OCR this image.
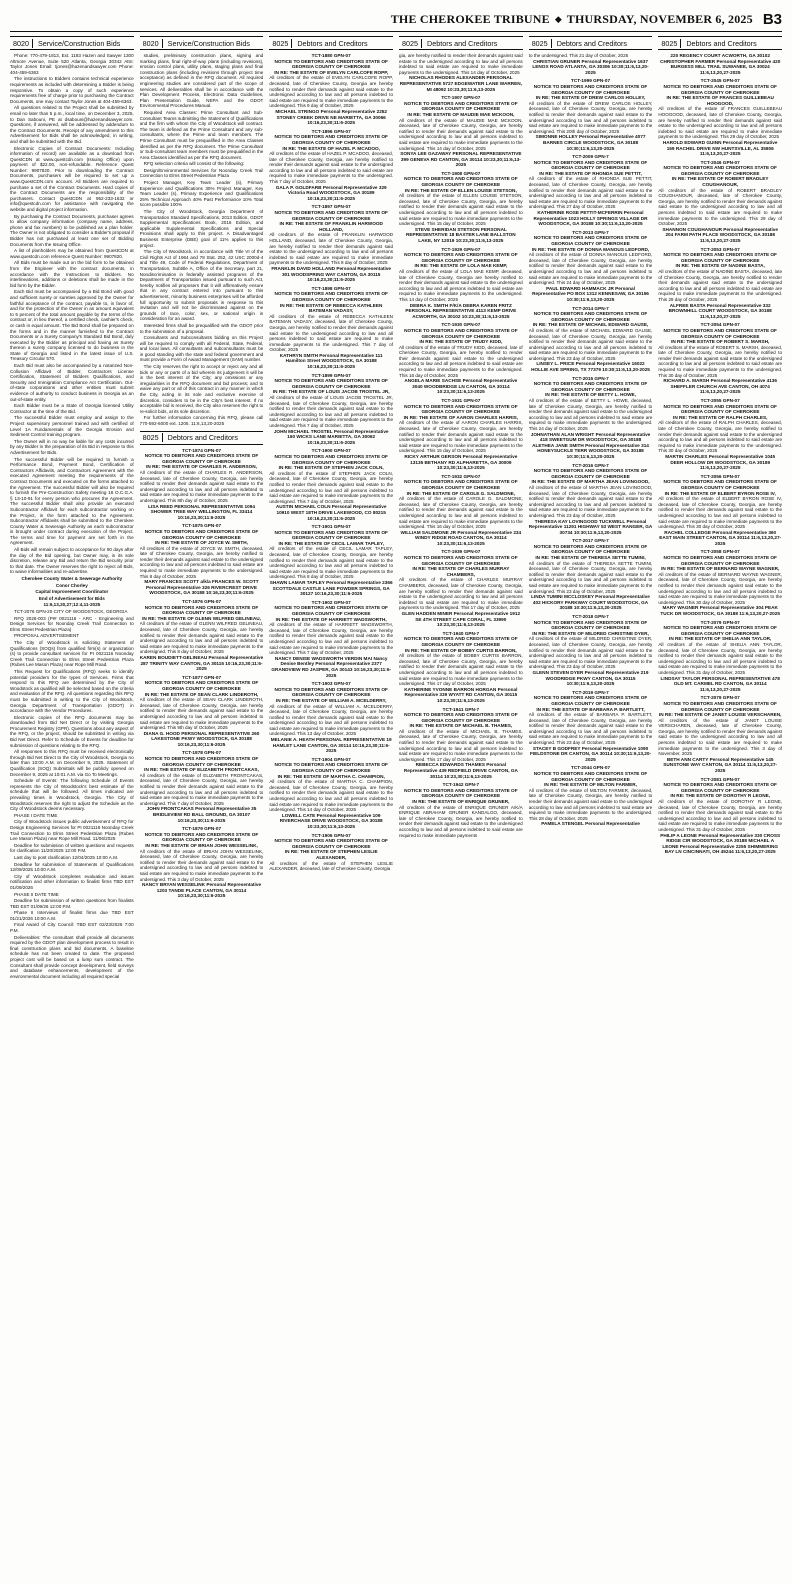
THE CHEROKEE TRIBUNE ◆ THURSDAY, NOVEMBER 6, 2025 B3
8020	Service/Construction Bids

Phone: 770-479-1813, Ext. 1183 Hazen and Sawyer 1300 Altmore Avenue, Suite 520 Atlanta, Georgia 30342 Attn: Taylor Jones Email: tjones@hazenandsawyer.com Phone: 404-459-6363

The instructions to Bidders contains technical experience requirements as included with determining a Bidder is being responsive. To obtain a copy of such experience requirements free of charge prior to purchasing the Contract Documents, one may contact Taylor Jones at 404-459-6363.

All questions related to the Project shall be submitted by email no later than 5 p.m., local time, on December 3, 2025, to Dan Sabouni, PE at dsabouni@hazenandsawyer.com. Questions, if answered, will be addressed by addendum to the Contract Documents. Receipt of any amendment to this Advertisement for Bids shall be acknowledged, in writing, and shall be submitted with the Bid.

Electronic Copies of Contract Documents: Including information of record) are available as a download from QuestCDN at www.questcdn.com (Issuing Office) upon payment of $22.00, non-refundable. Reference Quest Number: 9907820. Prior to downloading the Contract Documents, purchasers will be required to set up a www.QuestCDN.com account. All Bidders are required to purchase a set of the Contract Documents. Hard copies of the Contract Documents are the responsibility of the purchasers. Contact QuestCDN at 952-233-1632 or info@questcdn.com for assistance with navigating the website and digital project information.

By purchasing the Contract Documents, purchaser agrees to allow company information (company name, address, phone and fax numbers) to be published as a plan holder. The Owner is not obligated to consider a Bidder's proposal if Bidder has not purchased at least one set of Bidding Documents from the Issuing Office.

A list of planholders may be obtained from QuestCDN at www.questcdn.com reference Quest Number: 9907820.

All Bids must be made out on the bid form to be obtained from the Engineer with the contract documents, in accordance with the Instructions to Bidders. No interlineations, additions or deletions shall be made in the bid form by the Bidder.

Each Bid must be accompanied by a Bid Bond with good and sufficient surety or sureties approved by the Owner for faithful acceptance of the contract, payable to, in favor of, and for the protection of the Owner in an amount equivalent to 5 percent of the total amount payable by the terms of the contract or, in lieu thereof, a certified check, cashier's check, or cash in equal amount. The Bid Bond shall be prepared on the forms and in the manner furnished to the Contract Documents or a Surety Company's Standard Bid Bond, duly executed by the Bidder as principal and having as Surety thereon a surety company licensed to do business in the State of Georgia and listed in the latest issue of U.S. Treasury Circular 570.

Each Bid must also be accompanied by a notarized Non-Collusion Affidavit of Bidder, Contractors License Certification, Statement of Bidders Qualifications, and Security and Immigration Compliance Act Certification. Out-of-state corporations and other entities must submit evidence of authority to conduct business in Georgia as an out-of-state entity.

Each Bidder must be a State of Georgia licensed Utility Contractor at the time of the Bid.

The successful Bidder must employ and assign to the Project supervisory personnel trained and with certified of Level 1A Fundamentals of the Georgia Erosion and Sediment Control training program.

The Owner will in no way be liable for any costs incurred by any Bidder in the preparation of its Bid in response to this Advertisement for Bids.

The successful Bidder will be required to furnish a Performance Bond, Payment Bond, Certification of Contractors Affidavits, and Contractors Agreement with the executed Agreement meeting the requirements of the Contract Documents and executed on the forms attached to the Agreement. The successful Bidder will also be required to furnish the Pre-Construction Safety meeting 16 O.C.G.A. § 13-10-91 for every person who procures the Agreement. The successful Bidder shall also provide an executed Subcontractor Affidavit for each subcontractor working on the Project, in the form attached to the Agreement. Subcontractor Affidavits shall be submitted to the Cherokee County Water & Sewerage Authority as each subcontractor is brought under contract during execution of the Project. The terms and time for payment are set forth in the Agreement.

All Bids will remain subject to acceptance for 90 days after the day of the Bid opening, but Owner may, in its sole discretion, release any Bid and return the Bid security prior to that date. The Owner reserves the right to reject all Bids, to waive informalities and re-advertise.

Cherokee County Water & Sewerage Authority

Conor Chorley

Capital Improvement Coordinator

End of Advertisement for Bids

11:6,13,20,27;12:4,11-2025

TCT-2076 GPN-20 CITY OF WOODSTOCK, GEORGIA

RFQ 2026-003 (PI# 0021116 - ARC - Engineering and Design Services for Noonday Creek Trail Connection to Elms Street Pedestrian Plaza)

PROPOSAL ADVERTISEMENT

The City of Woodstock is soliciting Statement of Qualifications (SOQs) from qualified firm(s) or organization (s) to provide consultant services for PI 0021116 Noonday Creek Trail Connection to Elms Street Pedestrian Plaza (Rubes Lee Mason Plaza) near Rope Mill Road.

This Request for Qualifications (RFQ) seeks to identify potential providers for the types of Services. Firms that respond to this RFQ are determined by the City of Woodstock as qualified will be selected based on the criteria and evaluation of the RFQ. All questions regarding this RFQ must be submitted in writing to the City of Woodstock, Georgia Department of Transportation (GDOT) in accordance with the Vendor Procedures.

Electronic copies of the RFQ documents may be downloaded from Bid Net Direct or by visiting Georgia Procurement Registry (GPR). Questions about any aspect of the RFQ, or the project, should be submitted in writing via Bid Net Direct. Refer to Schedule of Events for deadline for submission of questions relating to the RFQ.

All responses to this RFQ must be received electronically through Bid Net Direct to the City of Woodstock, Georgia no later than 10:00 A.M. on December 9, 2025. Statement of Qualification (SOQ) Submittals will be publicly opened on December 9, 2025 at 10:01 A.M. via Go To Meetings.

Schedule of Events: The following Schedule of Events represents the City of Woodstock's best estimate of the schedule that will be followed. All times indicated are prevailing times in Woodstock, Georgia. The City of Woodstock reserves the right to adjust the Schedule as the City of Woodstock deems necessary.

PHASE I DATE TIME

City of Woodstock issues public advertisement of RFQ for Design Engineering Services for PI 0021116 Noonday Creek Trail Connection to Elms Street Pedestrian Plaza (Rubes Lee Mason Plaza) near Rope Mill Road. 11/06/2025

Deadline for submission of written questions and requests for clarification 11/20/2025 12:00 P.M.

Last day to post clarification 12/04/2025 10:00 A.M.

Deadline for submission of Statements of Qualifications 12/09/2025 10:00 A.M.

City of Woodstock completes evaluation and issues notification and other information to finalist firms TBD EST 01/09/2026

PHASE II DATE TIME

Deadline for submission of written questions from finalists TBD EST 01/09/26 12:00 P.M.

Phase II Interviews of finalist firms due TBD EST 01/21/2026 10:00 A.M.

Final Award of City Council: TBD EST 02/23/2026 7:00 P.M.

Deliverables: The consultant shall provide all documents required by the GDOT plan development process to result in final construction plans and bid documents. A baseline schedule has not been created to date. The proposed project cost will be based on a lump sum contract. The Consultant shall provide concept development, field surveys and database enhancements, development of the environmental document including all required special

8020	Service/Construction Bids

studies, preliminary construction plans, signing and marking plans, final right-of-way plans (including revisions), erosion control plans, utility plans, staging plans and final construction plans (including revisions through project time acceptance) as defined in the RFQ document. All required engineering studies are considered part of the scope of services. All deliverables shall be in accordance with the Plan Development Process, Electronic Data Guidelines, Plan Presentation Guide, NEPA and the GDOT Environmental Procedures Manual.

Required Area Classes: Prime Consultant and Sub-Consultant Teams submitting the Statement of Qualifications and the firm with whom the City of Woodstock will contract. The team is defined as the Prime Consultant and any sub-consultants, where the Prime and team members. The Prime Consultant must be prequalified in the Area Classes identified as per the RFQ document. The Prime Consultant or Sub-consultant team members must be prequalified in the Area Classes identified as per the RFQ document.

RFQ selection criteria will consist of the following:

Design/Environmental Services for Noonday Creek Trail Connection to Elms Street Pedestrian Plaza

Project Manager, Key Team Leader (s), Primary Experience and Qualifications 30% Project Manager, Key Team Leader (s), Primary Experience and Qualifications 25% Technical Approach 40% Past Performance 10% Total score possible 100%

The City of Woodstock, Georgia Department of Transportation Standard Specifications, 2013 Edition, GDOT Supplemental Specifications Book, 2016 Edition, and applicable Supplemental Specifications and Special Provisions shall apply to this project. A Disadvantaged Business Enterprise (DBE) goal of 11% applies to this project.

The City of Woodstock, in accordance with Title VI of the Civil Rights Act of 1964 and 78 Stat. 252, 42 USC 2000d-4 and Title 49, Code of Federal Regulations, Department of Transportation, Subtitle A, Office of the Secretary, part 21, Nondiscrimination in federally assisted programs of the Department of Transportation issued pursuant to such Act, hereby notifies all proposers that it will affirmatively ensure that in any contract entered into pursuant to this advertisement, minority business enterprises will be afforded full opportunity to submit proposals in response to this invitation and will not be discriminated against on the grounds of race, color, sex, or national origin in consideration for an award.

Interested firms shall be prequalified with the GDOT prior to the submission of a proposal.

Consultants and Subconsultants bidding on this Project will be required to comply with all Federal, State, Federal, and local laws. All consultants and subconsultants must be in good standing with the state and federal government and must provide a Form of Award Management (SAM) number.

The City reserves the right to accept or reject any and all bids or any or parts of a bid wherein its judgement it will be in the best interest of the City; any omissions or any irregularities in the RFQ document and bid process; and to waive any part or all of this contract in any manner in which the City, acting in its sole and exclusive exercise of discretion, considers to be in the City's best interest. If no acceptable bid is received, the City also reserves the right to re-solicit bids, at its sole discretion.

For further information concerning this RFQ, please call 770-592-6000 ext. 1205. 11:6,13,20-2025

8025	Debtors and Creditors
TCT-1874 GPN-07
NOTICE TO DEBTORS AND CREDITORS STATE OF GEORGIA COUNTY OF CHEROKEE
IN RE: THE ESTATE OF CHARLES R. ANDERSON,
All creditors of the estate of CHARLES R. ANDERSON, deceased, late of Cherokee County, Georgia, are hereby notified to render their demands against said estate to the undersigned according to law and all persons indebted to said estate are required to make immediate payments to the undersigned. This 8th day of October, 2025
LISA REED PERSONAL REPRESENTATIVE 1094 SHOWER TREE WAY WELLINGTON, FL 33414 10:16,23,30;11:6-2025
TCT-1875 GPN-07
NOTICE TO DEBTORS AND CREDITORS STATE OF GEORGIA COUNTY OF CHEROKEE
IN RE: THE ESTATE OF JOYCE W. SMITH,
All creditors of the estate of JOYCE W. SMITH, deceased, late of Cherokee County, Georgia, are hereby notified to render their demands against said estate to the undersigned according to law and all persons indebted to said estate are required to make immediate payments to the undersigned. This 8 day of October, 2025
MARY FRANCES SCOTT a/k/a FRANCES W. SCOTT Personal Representative 326 RIVERCREST DRIVE WOODSTOCK, GA 30188 10:16,23,30;11:6-2025
TCT-1876 GPN-07
NOTICE TO DEBTORS AND CREDITORS STATE OF GEORGIA COUNTY OF CHEROKEE
IN RE: THE ESTATE OF GLENN WILFRED GELINEAU,
All creditors of the estate of GLENN WILFRED GELINEAU, deceased, late of Cherokee County, Georgia, are hereby notified to render their demands against said estate to the undersigned according to law and all persons indebted to said estate are required to make immediate payments to the undersigned. This 8 day of October, 2025
KAREN BOUDIETT-GELINEAU Personal Representative 287 TRINITY WAY CANTON, GA 30115 10:16,23,30;11:6-2025
TCT-1877 GPN-07
NOTICE TO DEBTORS AND CREDITORS STATE OF GEORGIA COUNTY OF CHEROKEE
IN RE: THE ESTATE OF SEAN CLARK LINDEROTH,
All creditors of the estate of SEAN CLARK LINDEROTH, deceased, late of Cherokee County, Georgia, are hereby notified to render their demands against said estate to the undersigned according to law and all persons indebted to said estate are required to make immediate payments to the undersigned. This 9th day of October, 2025
DIANA G. HOOD PERSONAL REPRESENTATIVE 260 LAKESTONE PKWY WOODSTOCK, GA 30188 10:16,23,30;11:6-2025
TCT-1878 GPN-07
NOTICE TO DEBTORS AND CREDITORS STATE OF GEORGIA COUNTY OF CHEROKEE
IN RE: THE ESTATE OF ELIZABETH FRONTCAKAS,
All creditors of the estate of ELIZABETH FRONTCAKAS, deceased, late of Cherokee County, Georgia, are hereby notified to render their demands against said estate to the undersigned according to law and all persons indebted to said estate are required to make immediate payments to the undersigned. This 7 day of October, 2025
JOHN FRONTCAKAS Personal Representative 35 BRIDLEVIEW RD BALL GROUND, GA 30107 10:16,23,30;11:6-2025
TCT-1879 GPN-07
NOTICE TO DEBTORS AND CREDITORS STATE OF GEORGIA COUNTY OF CHEROKEE
IN RE: THE ESTATE OF BRIAN JOHN WESSELINK,
All creditors of the estate of BRIAN JOHN WESSELINK, deceased, late of Cherokee County, Georgia, are hereby notified to render their demands against said estate to the undersigned according to law and all persons indebted to said estate are required to make immediate payments to the undersigned. This 3 day of October, 2025
NANCY BRYAN WESSELINK Personal Representative 1203 TANDE PLACE CANTON, GA 30114 10:16,23,30;11:6-2025
8025	Debtors and Creditors
TCT-1880 GPN-07
NOTICE TO DEBTORS AND CREDITORS STATE OF GEORGIA COUNTY OF CHEROKEE
IN RE: THE ESTATE OF EVELYN CARLCOFE ROPP,
All creditors of the estate of EVELYN CARLCOFE ROPP, deceased, late of Cherokee County, Georgia are hereby notified to render their demands against said estate to the undersigned according to law and all persons indebted to said estate are required to make immediate payments to the undersigned. This 9 day of October, 2025
MICHAEL STRINGO Personal Representative 2252 STONEY CREEK DRIVE NE MARIETTA, GA 30066 10:16,23,30;11:6-2025
TCT-1896 GPN-07
NOTICE TO DEBTORS AND CREDITORS STATE OF GEORGIA COUNTY OF CHEROKEE
IN RE: THE ESTATE OF HAZEL P. MCADOO,
All creditors of the estate of HAZEL P. MCADOO, deceased, late of Cherokee County, Georgia, are hereby notified to render their demands against said estate to the undersigned according to law and all persons indebted to said estate are required to make immediate payments to the undersigned. This 7 day of October, 2025
GALA P. GOLDFARB Personal Representative 329 Victoria Road WOODSTOCK, GA 30189 10:16,23,30;11:6-2025
TCT-1897 GPN-07
NOTICE TO DEBTORS AND CREDITORS STATE OF GEORGIA COUNTY OF CHEROKEE
IN RE: THE ESTATE OF FRANKLIN HARWOOD HOLLAND,
All creditors of the estate of FRANKLIN HARWOOD HOLLAND, deceased, late of Cherokee County, Georgia, are hereby notified to render their demands against said estate to the undersigned according to law and all persons indebted to said estate are required to make immediate payments to the undersigned. This 8 day of October, 2025
FRANKLIN DAVID HOLLAND Personal Representative 301 WOODSPRING WAY CANTON, GA 30115 10:16,23,30;11:6-2025
TCT-1898 GPN-07
NOTICE TO DEBTORS AND CREDITORS STATE OF GEORGIA COUNTY OF CHEROKEE
IN RE: THE ESTATE OF REBECCA KATHLEEN BATEMAN VADASY,
All creditors of the estate of REBECCA KATHLEEN BATEMAN VADASY, deceased, late of Cherokee County, Georgia, are hereby notified to render their demands against said estate to the undersigned according to law and all persons indebted to said estate are required to make immediate payments to the undersigned. This 7 day of October, 2025
KATHRYN SMITH Personal Representative 111 Hamilton Street WOODSTOCK, GA 30188 10:16,23,30;11:6-2025
TCT-1899 GPN-07
NOTICE TO DEBTORS AND CREDITORS STATE OF GEORGIA COUNTY OF CHEROKEE
IN RE: THE ESTATE OF LOUIS JACOB TROSTEL JR,
All creditors of the estate of LOUIS JACOB TROSTEL JR, deceased, late of Cherokee County, Georgia, are hereby notified to render their demands against said estate to the undersigned according to law and all persons indebted to said estate are required to make immediate payments to the undersigned. This 7 day of October, 2025
JOHN MICHAEL TROSTEL Personal Representative 160 WICKS LANE MARIETTA, GA 30062 10:16,23,30;11:6-2025
TCT-1900 GPN-07
NOTICE TO DEBTORS AND CREDITORS STATE OF GEORGIA COUNTY OF CHEROKEE
IN RE: THE ESTATE OF STEPHEN JACK COLN,
All creditors of the estate of STEPHEN JACK COLN, deceased, late of Cherokee County, Georgia, are hereby notified to render their demands against said estate to the undersigned according to law and all persons indebted to said estate are required to make immediate payments to the undersigned. This 7 day of October, 2025
AUSTIN MICHAEL COLN Personal Representative 10910 WEST 18TH DRIVE LAKEWOOD, CO 80215 10:16,23,30;11:6-2025
TCT-1901 GPN-07
NOTICE TO DEBTORS AND CREDITORS STATE OF GEORGIA COUNTY OF CHEROKEE
IN RE: THE ESTATE OF CECIL LAMAR TAPLEY,
All creditors of the estate of CECIL LAMAR TAPLEY, deceased, late of Cherokee County, Georgia, are hereby notified to render their demands against said estate to the undersigned according to law and all persons indebted to said estate are required to make immediate payments to the undersigned. This 8 day of October, 2025
SHAWN LAMAR TAPLEY Personal Representative 2366 SCOTTDALE CASTLE LANE POWDER SPRINGS, GA 30127 10:16,23,30;11:6-2025
TCT-1902 GPN-07
NOTICE TO DEBTORS AND CREDITORS STATE OF GEORGIA COUNTY OF CHEROKEE
IN RE: THE ESTATE OF HARRIETT WADSWORTH,
All creditors of the estate of HARRIETT WADSWORTH, deceased, late of Cherokee County, Georgia, are hereby notified to render their demands against said estate to the undersigned according to law and all persons indebted to said estate are required to make immediate payments to the undersigned. This 7 day of October, 2025
NANCY DENISE WADSWORTH VERDIN MAI Nancy Denise Bentley Personal Representative 2377 GRANDVIEW RD JASPER, GA 30143 10:16,23,30;11:6-2025
TCT-1903 GPN-07
NOTICE TO DEBTORS AND CREDITORS STATE OF GEORGIA COUNTY OF CHEROKEE
IN RE: THE ESTATE OF WILLIAM A. MCELDERRY,
All creditors of the estate of WILLIAM A. MCELDERRY, deceased, late of Cherokee County, Georgia, are hereby notified to render their demands against said estate to the undersigned according to law and all persons indebted to said estate are required to make immediate payments to the undersigned. This 13 day of October, 2025
MELANIE A. HEATH PERSONAL REPRESENTATIVE 19 HAMLET LANE CANTON, GA 30114 10:16,23,30;11:6-2025
TCT-1904 GPN-07
NOTICE TO DEBTORS AND CREDITORS STATE OF GEORGIA COUNTY OF CHEROKEE
IN RE: THE ESTATE OF MARTHA C. CHAMPION,
All creditors of the estate of MARTHA C. CHAMPION, deceased, late of Cherokee County, Georgia, are hereby notified to render their demands against said estate to the undersigned according to law and all persons indebted to said estate are required to make immediate payments to the undersigned. This 14 day of October, 2025
LOWELL CATE Personal Representative 109 RIVERCHASE DRIVE WOODSTOCK, GA 30188 10:23,30;11:6,13-2025
TCT-1906 GPN-07
NOTICE TO DEBTORS AND CREDITORS STATE OF GEORGIA COUNTY OF CHEROKEE
IN RE: THE ESTATE OF STEPHEN LESLIE ALEXANDER,
All creditors of the estate of STEPHEN LESLIE ALEXANDER, deceased, late of Cherokee County, Georgia
8025	Debtors and Creditors
gia, are hereby notified to render their demands against said estate to the undersigned according to law and all persons indebted to said estate are required to make immediate payments to the undersigned. This 14 day of October, 2025
NICHOLAS RHODES ALEXANDER PERSONAL REPRESENTATIVE 5727 EDGEWATER LANE WARREN, MI 48092 10:23,30;11:6,13-2025
TCT-1907 GPN-07
NOTICE TO DEBTORS AND CREDITORS STATE OF GEORGIA COUNTY OF CHEROKEE
IN RE: THE ESTATE OF MAUDIE MAE MCKOON,
All creditors of the estate of MAUDIE MAE MCKOON, deceased, late of Cherokee County, Georgia, are hereby notified to render their demands against said estate to the undersigned according to law and all persons indebted to said estate are required to make immediate payments to the undersigned. This 14 day of October, 2025
SONYA LEE GAZAWAY PERSONAL REPRESENTATIVE 399 GENEVA RD CANTON, GA 30114 10:23,30;11:6,13-2025
TCT-1908 GPN-07
NOTICE TO DEBTORS AND CREDITORS STATE OF GEORGIA COUNTY OF CHEROKEE
IN RE: THE ESTATE OF ELLEN LOUISE STETSON,
All creditors of the estate of ELLEN LOUISE STETSON, deceased, late of Cherokee County, Georgia, are hereby notified to render their demands against said estate to the undersigned according to law and all persons indebted to said estate are required to make immediate payments to the undersigned. This 15 day of October, 2025
STEVE SHERIDAN STETSON PERSONAL REPRESENTATIVE 18 BAXTER LANE BALLSTON LAKE, NY 12019 10:23,30;11:6,13-2025
TCT-1929 GPN-07
NOTICE TO DEBTORS AND CREDITORS STATE OF GEORGIA COUNTY OF CHEROKEE
IN RE: THE ESTATE OF LOLA MAE KEMP,
All creditors of the estate of LOLA MAE KEMP, deceased, late of Cherokee County, Georgia are hereby notified to render their demands against said estate to the undersigned according to law and all persons indebted to said estate are required to make immediate payments to the undersigned. This 14 day of October, 2025
DEBRA K. SMITH F/K/A DEBRA KAREN FRITZ PERSONAL REPRESENTATIVE 4113 KEMP DRIVE ACWORTH, GA 30102 10:23,30;11:6,13-2025
TCT-1930 GPN-07
NOTICE TO DEBTORS AND CREDITORS STATE OF GEORGIA COUNTY OF CHEROKEE
IN RE: THE ESTATE OF TRUDY KIDD,
All creditors of the estate of TRUDY KIDD, deceased, late of Cherokee County, Georgia, are hereby notified to render their demands against said estate to the undersigned according to law and all persons indebted to said estate are required to make immediate payments to the undersigned. This 16 day of October, 2025
ANGELA MARIE SACHSE Personal Representative 3040 WOODBRIDGE LN CANTON, GA 30114 10:23,30;11:6,13-2025
TCT-1931 GPN-07
NOTICE TO DEBTORS AND CREDITORS STATE OF GEORGIA COUNTY OF CHEROKEE
IN RE: THE ESTATE OF AARON CHARLES HARRIS,
All creditors of the estate of AARON CHARLES HARRIS, deceased, late of Cherokee County, Georgia, are hereby notified to render their demands against said estate to the undersigned according to law and all persons indebted to said estate are required to make immediate payments to the undersigned. This 15 day of October, 2025
RICKY ARTHUR GERSON Personal Representative 13135 BETHANY RD ALPHARETTA, GA 30009 10:23,30;11:6,13-2025
TCT-1932 GPN-07
NOTICE TO DEBTORS AND CREDITORS STATE OF GEORGIA COUNTY OF CHEROKEE
IN RE: THE ESTATE OF CAROLE G. SALDMONE,
All creditors of the estate of CAROLE G. SALDMONE, deceased, late of Cherokee County, Georgia, are hereby notified to render their demands against said estate to the undersigned according to law and all persons indebted to said estate are required to make immediate payments to the undersigned. This 16 day of October, 2025
WILLIAM SALDMONE JR Personal Representative 234 WINDY RIDGE ROAD CANTON, GA 30114 10:23,30;11:6,13-2025
TCT-1939 GPN-07
NOTICE TO DEBTORS AND CREDITORS STATE OF GEORGIA COUNTY OF CHEROKEE
IN RE: THE ESTATE OF CHARLES MURRAY CHAMBERS,
All creditors of the estate of CHARLES MURRAY CHAMBERS, deceased, late of Cherokee County, Georgia, are hereby notified to render their demands against said estate to the undersigned according to law and all persons indebted to said estate are required to make immediate payments to the undersigned. This 17 day of October, 2025
GLEN HADDEN MINER Personal Representative 1912 SE 4TH STREET CAPE CORAL, FL 33990 10:23,30;11:6,13-2025
TCT-1940 GPN-7
NOTICE TO DEBTORS AND CREDITORS STATE OF GEORGIA COUNTY OF CHEROKEE
IN RE: THE ESTATE OF BOBBY CURTIS BARRON,
All creditors of the estate of BOBBY CURTIS BARRON, deceased, late of Cherokee County, Georgia, are hereby notified to render their demands against said estate to the undersigned according to law and all persons indebted to said estate are required to make immediate payments to the undersigned. This 17 day of October, 2025
KATHERINE YVONNE BARRON HORGAN Personal Representative 339 WYATT RD CANTON, GA 30115 10:23,30;11:6,13-2025
TCT-1941 GPN-7
NOTICE TO DEBTORS AND CREDITORS STATE OF GEORGIA COUNTY OF CHEROKEE
IN RE: THE ESTATE OF MICHAEL B. THAMES,
All creditors of the estate of MICHAEL B. THAMES, deceased, late of Cherokee County, Georgia, are hereby notified to render their demands against said estate to the undersigned according to law and all persons indebted to said estate are required to make immediate payments to the undersigned. This 17 day of October, 2025
REBECCA EDWARDS THAMES Personal Representative 439 REDFIELD DRIVE CANTON, GA 30114 10:23,30;11:6,13-2025
TCT-1942 GPN-7
NOTICE TO DEBTORS AND CREDITORS STATE OF GEORGIA COUNTY OF CHEROKEE
IN RE: THE ESTATE OF ENRIQUE GRUNER,
All creditors of the estate of ENRIQUE GRUNER A/K/A ENRIQUE ABRAHAM GRUNER KANDALGO, deceased, late of Cherokee County, Georgia, are hereby notified to render their demands against said estate to the undersigned according to law and all persons indebted to said estate are required to make immediate payments
8025	Debtors and Creditors
to the undersigned. This 21 day of October, 2025
CHRISTIAN GRUNER Personal Representative 1637 LENOX ROAD ATLANTA, GA 30306 10:30;11:6,13,20-2025
TCT-1999 GPN-07
NOTICE TO DEBTORS AND CREDITORS STATE OF GEORGIA COUNTY OF CHEROKEE
IN RE: THE ESTATE OF DREW CARLOS HOLLEY,
All creditors of the estate of DREW CARLOS HOLLEY, deceased, late of Cherokee County, Georgia, are hereby notified to render their demands against said estate to the undersigned according to law and all persons indebted to said estate are required to make immediate payments to the undersigned. This 20th day of October, 2025
SIMONNE HOLLEY Personal Representative 4077 BARNES CIRCLE WOODSTOCK, GA 30188 10:30;11:6,13,20-2025
TCT-2009 GPN-7
NOTICE TO DEBTORS AND CREDITORS STATE OF GEORGIA COUNTY OF CHEROKEE
IN RE: THE ESTATE OF RHONDA SUE PETTIT,
All creditors of the estate of RHONDA SUE PETTIT, deceased, late of Cherokee County, Georgia, are hereby notified to render their demands against said estate to the undersigned according to law and all persons indebted to said estate are required to make immediate payments to the undersigned. This 27 day of October, 2025
KATHERINE ROSE PETTIT-MCFERRIN Personal Representative 1023 HOLLY SPRINGS VILLAGE DR WOODSTOCK, GA 30188 10:30;11:6,13,20-2025
TCT-2013 GPN-7
NOTICE TO DEBTORS AND CREDITORS STATE OF GEORGIA COUNTY OF CHEROKEE
IN RE: THE ESTATE OF DONNA MANOUS LEDFORD,
All creditors of the estate of DONNA MANOUS LEDFORD, deceased, late of Cherokee County, Georgia, are hereby notified to render their demands against said estate to the undersigned according to law and all persons indebted to said estate are required to make immediate payments to the undersigned. This 24 day of October, 2025
PAUL EDWARD HAMMACK JR Personal Representative PO BOX 1312 KENNESAW, GA 30156 10:30;11:6,13,20-2025
TCT-2014 GPN-7
NOTICE TO DEBTORS AND CREDITORS STATE OF GEORGIA COUNTY OF CHEROKEE
IN RE: THE ESTATE OF MICHAEL EDWARD GAUSE,
All creditors of the estate of MICHAEL EDWARD GAUSE, deceased, late of Cherokee County, Georgia, are hereby notified to render their demands against said estate to the undersigned according to law and all persons indebted to said estate are required to make immediate payments to the undersigned. This 23 day of October, 2025
LINSEY L. PRICE Personal Representative 16022 HOLLIE AVE SPRING, TX 77379 10:30;11:6,13,20-2025
TCT-2015 GPN-7
NOTICE TO DEBTORS AND CREDITORS STATE OF GEORGIA COUNTY OF CHEROKEE
IN RE: THE ESTATE OF BETTY L. HOWE,
All creditors of the estate of BETTY L. HOWE, deceased, late of Cherokee County, Georgia, are hereby notified to render their demands against said estate to the undersigned according to law and all persons indebted to said estate are required to make immediate payments to the undersigned. This 24 day of October, 2025
JOHNATHAN ALAN WRIGHT Personal Representative 418 SWEETGUM DR WOODSTOCK, GA 30188 ALETHEA JANE SMITH Personal Representative 314 HONEYSUCKLE TERR WOODSTOCK, GA 30188 10:30;11:6,13,20-2025
TCT-2016 GPN-7
NOTICE TO DEBTORS AND CREDITORS STATE OF GEORGIA COUNTY OF CHEROKEE
IN RE: THE ESTATE OF MARTHA JEAN LOVINGOOD,
All creditors of the estate of MARTHA JEAN LOVINGOOD, deceased, late of Cherokee County, Georgia, are hereby notified to render their demands against said estate to the undersigned according to law and all persons indebted to said estate are required to make immediate payments to the undersigned. This 23 day of October, 2025
THERESA KAY LOVINGOOD TUCKWELL Personal Representative 11291 HIGHWAY 53 WEST RANGER, GA 30734 10:30;11:6,13,20-2025
TCT-2017 GPN-7
NOTICE TO DEBTORS AND CREDITORS STATE OF GEORGIA COUNTY OF CHEROKEE
IN RE: THE ESTATE OF THERESA SETTE TUMINI,
All creditors of the estate of THERESA SETTE TUMINI, deceased, late of Cherokee County, Georgia, are hereby notified to render their demands against said estate to the undersigned according to law and all persons indebted to said estate are required to make immediate payments to the undersigned. This 23 day of October, 2025
LINDA TUMINI MCCLOSKEY Personal Representative 402 HICKORY PARKWAY COURT WOODSTOCK, GA 30188 10:30;11:6,13,20-2025
TCT-2018 GPN-7
NOTICE TO DEBTORS AND CREDITORS STATE OF GEORGIA COUNTY OF CHEROKEE
IN RE: THE ESTATE OF MILDRED CHRISTINE DYER,
All creditors of the estate of MILDRED CHRISTINE DYER, deceased, late of Cherokee County, Georgia, are hereby notified to render their demands against said estate to the undersigned according to law and all persons indebted to said estate are required to make immediate payments to the undersigned. This 23 day of October, 2025
GLENN STEVEN DYER Personal Representative 219 WOODRIDGE PKWY CANTON, GA 30115 10:30;11:6,13,20-2025
TCT-2019 GPN-7
NOTICE TO DEBTORS AND CREDITORS STATE OF GEORGIA COUNTY OF CHEROKEE
IN RE: THE ESTATE OF BARBARA P. BARTLETT,
All creditors of the estate of BARBARA P. BARTLETT, deceased, late of Cherokee County, Georgia, are hereby notified to render their demands against said estate to the undersigned according to law and all persons indebted to said estate are required to make immediate payments to the undersigned. This 23 day of October, 2025
STACEY B GODFREY Personal Representative 1090 FIELDSTONE DR CANTON, GA 30114 10:30;11:6,13,20-2025
TCT-2044 GPN-07
NOTICE TO DEBTORS AND CREDITORS STATE OF GEORGIA COUNTY OF CHEROKEE
IN RE: THE ESTATE OF MILTON FARMER,
All creditors of the estate of MILTON FARMER, deceased, late of Cherokee County, Georgia, are hereby notified to render their demands against said estate to the undersigned according to law and all persons indebted to said estate are required to make immediate payments to the undersigned. This 28 day of October, 2025
PAMELA STENGEL Personal Representative
8025	Debtors and Creditors
220 REGENCY COURT ACWORTH, GA 30102 CHRISTOPHER FARMER Personal Representative 420 BURGESS MILL TRAIL SUWANEE, GA 30024 11:6,13,20,27-2025
TCT-2045 GPN-07
NOTICE TO DEBTORS AND CREDITORS STATE OF GEORGIA COUNTY OF CHEROKEE
IN RE: THE ESTATE OF FRANCES GUILLEBEAU HOOGOOD,
All creditors of the estate of FRANCES GUILLEBEAU HOOGOOD, deceased, late of Cherokee County, Georgia, are hereby notified to render their demands against said estate to the undersigned according to law and all persons indebted to said estate are required to make immediate payments to the undersigned. This 29 day of October, 2025
HAROLD EDWARD GUINN Personal Representative 159 RACHEL DRIVE NW HUNTSVILLE, AL 35806 11:6,13,20,27-2025
TCT-2046 GPN-07
NOTICE TO DEBTORS AND CREDITORS STATE OF GEORGIA COUNTY OF CHEROKEE
IN RE: THE ESTATE OF ROBERT BRADLEY COUGHANOUR,
All creditors of the estate of ROBERT BRADLEY COUGHANOUR, deceased, late of Cherokee County, Georgia, are hereby notified to render their demands against said estate to the undersigned according to law and all persons indebted to said estate are required to make immediate payments to the undersigned. This 29 day of October, 2025
SHANNON COUGHANOUR Personal Representative 204 FARM PATH PLACE WOODSTOCK, GA 30188 11:6,13,20,27-2025
TCT-2053 GPN-07
NOTICE TO DEBTORS AND CREDITORS STATE OF GEORGIA COUNTY OF CHEROKEE
IN RE: THE ESTATE OF NADINE BASTA,
All creditors of the estate of NADINE BASTA, deceased, late of Cherokee County, Georgia, are hereby notified to render their demands against said estate to the undersigned according to law and all persons indebted to said estate are required to make immediate payments to the undersigned. This 29 day of October, 2025
ALFREE BASTA Personal Representative 332 BROWNHILL COURT WOODSTOCK, GA 30188 11:6,13,20,27-2025
TCT-2054 GPN-07
NOTICE TO DEBTORS AND CREDITORS STATE OF GEORGIA COUNTY OF CHEROKEE
IN RE: THE ESTATE OF ROBERT S. MARSH,
All creditors of the estate of ROBERT S. MARSH, deceased, late of Cherokee County, Georgia, are hereby notified to render their demands against said estate to the undersigned according to law and all persons indebted to said estate are required to make immediate payments to the undersigned. This 30 day of October, 2025
RICHARD A. MARSH Personal Representative 4136 SHEFFLER CHURCH AVE CANTON, OH 4074 11:6,13,20,27-2025
TCT-2055 GPN-07
NOTICE TO DEBTORS AND CREDITORS STATE OF GEORGIA COUNTY OF CHEROKEE
IN RE: THE ESTATE OF RALPH CHARLES,
All creditors of the estate of RALPH CHARLES, deceased, late of Cherokee County, Georgia, are hereby notified to render their demands against said estate to the undersigned according to law and all persons indebted to said estate are required to make immediate payments to the undersigned. This 30 day of October, 2025
MARTIN CHARLES Personal Representative 1045 DEER HOLLOW DR WOODSTOCK, GA 30189 11:6,13,20,27-2025
TCT-2056 GPN-07
NOTICE TO DEBTORS AND CREDITORS STATE OF GEORGIA COUNTY OF CHEROKEE
IN RE: THE ESTATE OF ELBERT BYRON ROSE IV,
All creditors of the estate of ELBERT BYRON ROSE IV, deceased, late of Cherokee County, Georgia, are hereby notified to render their demands against said estate to the undersigned according to law and all persons indebted to said estate are required to make immediate payments to the undersigned. This 30 day of October, 2025
RACHEL COLLEDGE Personal Representative 360 EAST MAIN STREET CANTON, GA 30114 11:6,13,20,27-2025
TCT-2058 GPN-07
NOTICE TO DEBTORS AND CREDITORS STATE OF GEORGIA COUNTY OF CHEROKEE
IN RE: THE ESTATE OF BERNARD WAYNE WAGNER,
All creditors of the estate of BERNARD WAYNE WAGNER, deceased, late of Cherokee County, Georgia, are hereby notified to render their demands against said estate to the undersigned according to law and all persons indebted to said estate are required to make immediate payments to the undersigned. This 30 day of October, 2025
MARY WAGNER Personal Representative 304 PEAK TUCK DR WOODSTOCK, GA 30188 11:6,13,20,27-2025
TCT-2079 GPN-07
NOTICE TO DEBTORS AND CREDITORS STATE OF GEORGIA COUNTY OF CHEROKEE
IN RE: THE ESTATE OF SHELIA ANN TAYLOR,
All creditors of the estate of SHELIA ANN TAYLOR, deceased, late of Cherokee County, Georgia, are hereby notified to render their demands against said estate to the undersigned according to law and all persons indebted to said estate are required to make immediate payments to the undersigned. This 31 day of October, 2025
LINDSAY TAYLOR PERSONAL REPRESENTATIVE 478 OLD MT. CARMEL RD CANTON, GA 30114 11:6,13,20,27-2025
TCT-2079 GPN-07
NOTICE TO DEBTORS AND CREDITORS STATE OF GEORGIA COUNTY OF CHEROKEE
IN RE: THE ESTATE OF JANET LOUISE VERSCHAREN,
All creditors of the estate of JANET LOUISE VERSCHAREN, deceased, late of Cherokee County, Georgia, are hereby notified to render their demands against said estate to the undersigned according to law and all persons indebted to said estate are required to make immediate payments to the undersigned. This 3 day of November, 2025
BETH ANN CARTY Personal Representative 145 SUNSTONE WAY CANTON, GA 30114 11:6,13,20,27-2025
TCT-2081 GPN-07
NOTICE TO DEBTORS AND CREDITORS STATE OF GEORGIA COUNTY OF CHEROKEE
IN RE: THE ESTATE OF DOROTHY R LEONE,
All creditors of the estate of DOROTHY R LEONE, deceased, late of Cherokee County, Georgia, are hereby notified to render their demands against said estate to the undersigned according to law and all persons indebted to said estate are required to make immediate payments to the undersigned. This 31 day of October, 2025
PHILIP A LEONE Personal Representative 330 CROSS RIDGE CIR WOODSTOCK, GA 30188 MICHAEL A LEONE Personal Representative 2255 SHIMMERING BAY LN CINCINNATI, OH 45244 11:6,13,20,27-2025
